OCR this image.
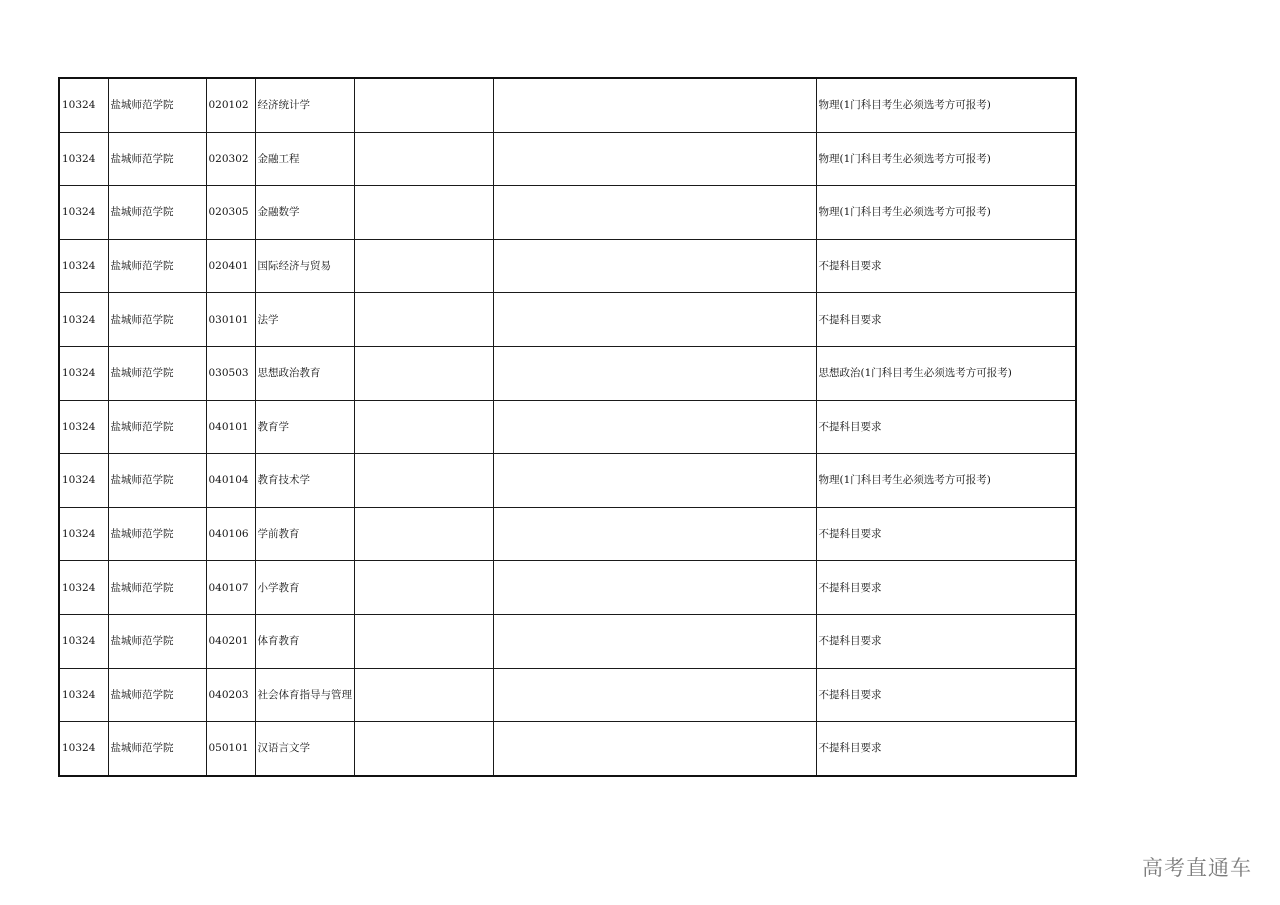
10324	盐城师范学院	020102	经济统计学			物理(1门科目考生必须选考方可报考)
10324	盐城师范学院	020302	金融工程			物理(1门科目考生必须选考方可报考)
10324	盐城师范学院	020305	金融数学			物理(1门科目考生必须选考方可报考)
10324	盐城师范学院	020401	国际经济与贸易			不提科目要求
10324	盐城师范学院	030101	法学			不提科目要求
10324	盐城师范学院	030503	思想政治教育			思想政治(1门科目考生必须选考方可报考)
10324	盐城师范学院	040101	教育学			不提科目要求
10324	盐城师范学院	040104	教育技术学			物理(1门科目考生必须选考方可报考)
10324	盐城师范学院	040106	学前教育			不提科目要求
10324	盐城师范学院	040107	小学教育			不提科目要求
10324	盐城师范学院	040201	体育教育			不提科目要求
10324	盐城师范学院	040203	社会体育指导与管理			不提科目要求
10324	盐城师范学院	050101	汉语言文学			不提科目要求
高考直通车
